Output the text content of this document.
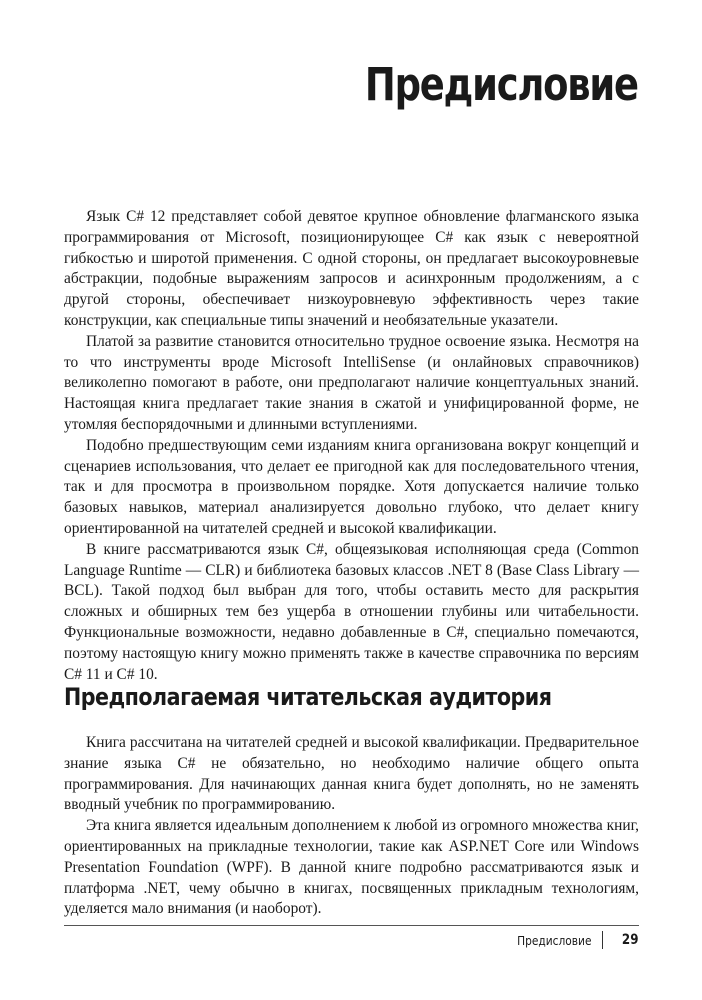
Предисловие

Язык C# 12 представляет собой девятое крупное обновление флагманского языка программирования от Microsoft, позиционирующее C# как язык с невероятной гибкостью и широтой применения. С одной стороны, он предлагает высокоуровневые абстракции, подобные выражениям запросов и асинхронным продолжениям, а с другой стороны, обеспечивает низкоуровневую эффективность через такие конструкции, как специальные типы значений и необязательные указатели.

Платой за развитие становится относительно трудное освоение языка. Несмотря на то что инструменты вроде Microsoft IntelliSense (и онлайновых справочников) великолепно помогают в работе, они предполагают наличие концептуальных знаний. Настоящая книга предлагает такие знания в сжатой и унифицированной форме, не утомляя беспорядочными и длинными вступлениями.

Подобно предшествующим семи изданиям книга организована вокруг концепций и сценариев использования, что делает ее пригодной как для последовательного чтения, так и для просмотра в произвольном порядке. Хотя допускается наличие только базовых навыков, материал анализируется довольно глубоко, что делает книгу ориентированной на читателей средней и высокой квалификации.

В книге рассматриваются язык C#, общеязыковая исполняющая среда (Common Language Runtime — CLR) и библиотека базовых классов .NET 8 (Base Class Library — BCL). Такой подход был выбран для того, чтобы оставить место для раскрытия сложных и обширных тем без ущерба в отношении глубины или читабельности. Функциональные возможности, недавно добавленные в C#, специально помечаются, поэтому настоящую книгу можно применять также в качестве справочника по версиям C# 11 и C# 10.

Предполагаемая читательская аудитория

Книга рассчитана на читателей средней и высокой квалификации. Предварительное знание языка C# не обязательно, но необходимо наличие общего опыта программирования. Для начинающих данная книга будет дополнять, но не заменять вводный учебник по программированию.

Эта книга является идеальным дополнением к любой из огромного множества книг, ориентированных на прикладные технологии, такие как ASP.NET Core или Windows Presentation Foundation (WPF). В данной книге подробно рассматриваются язык и платформа .NET, чему обычно в книгах, посвященных прикладным технологиям, уделяется мало внимания (и наоборот).

Предисловие 29
